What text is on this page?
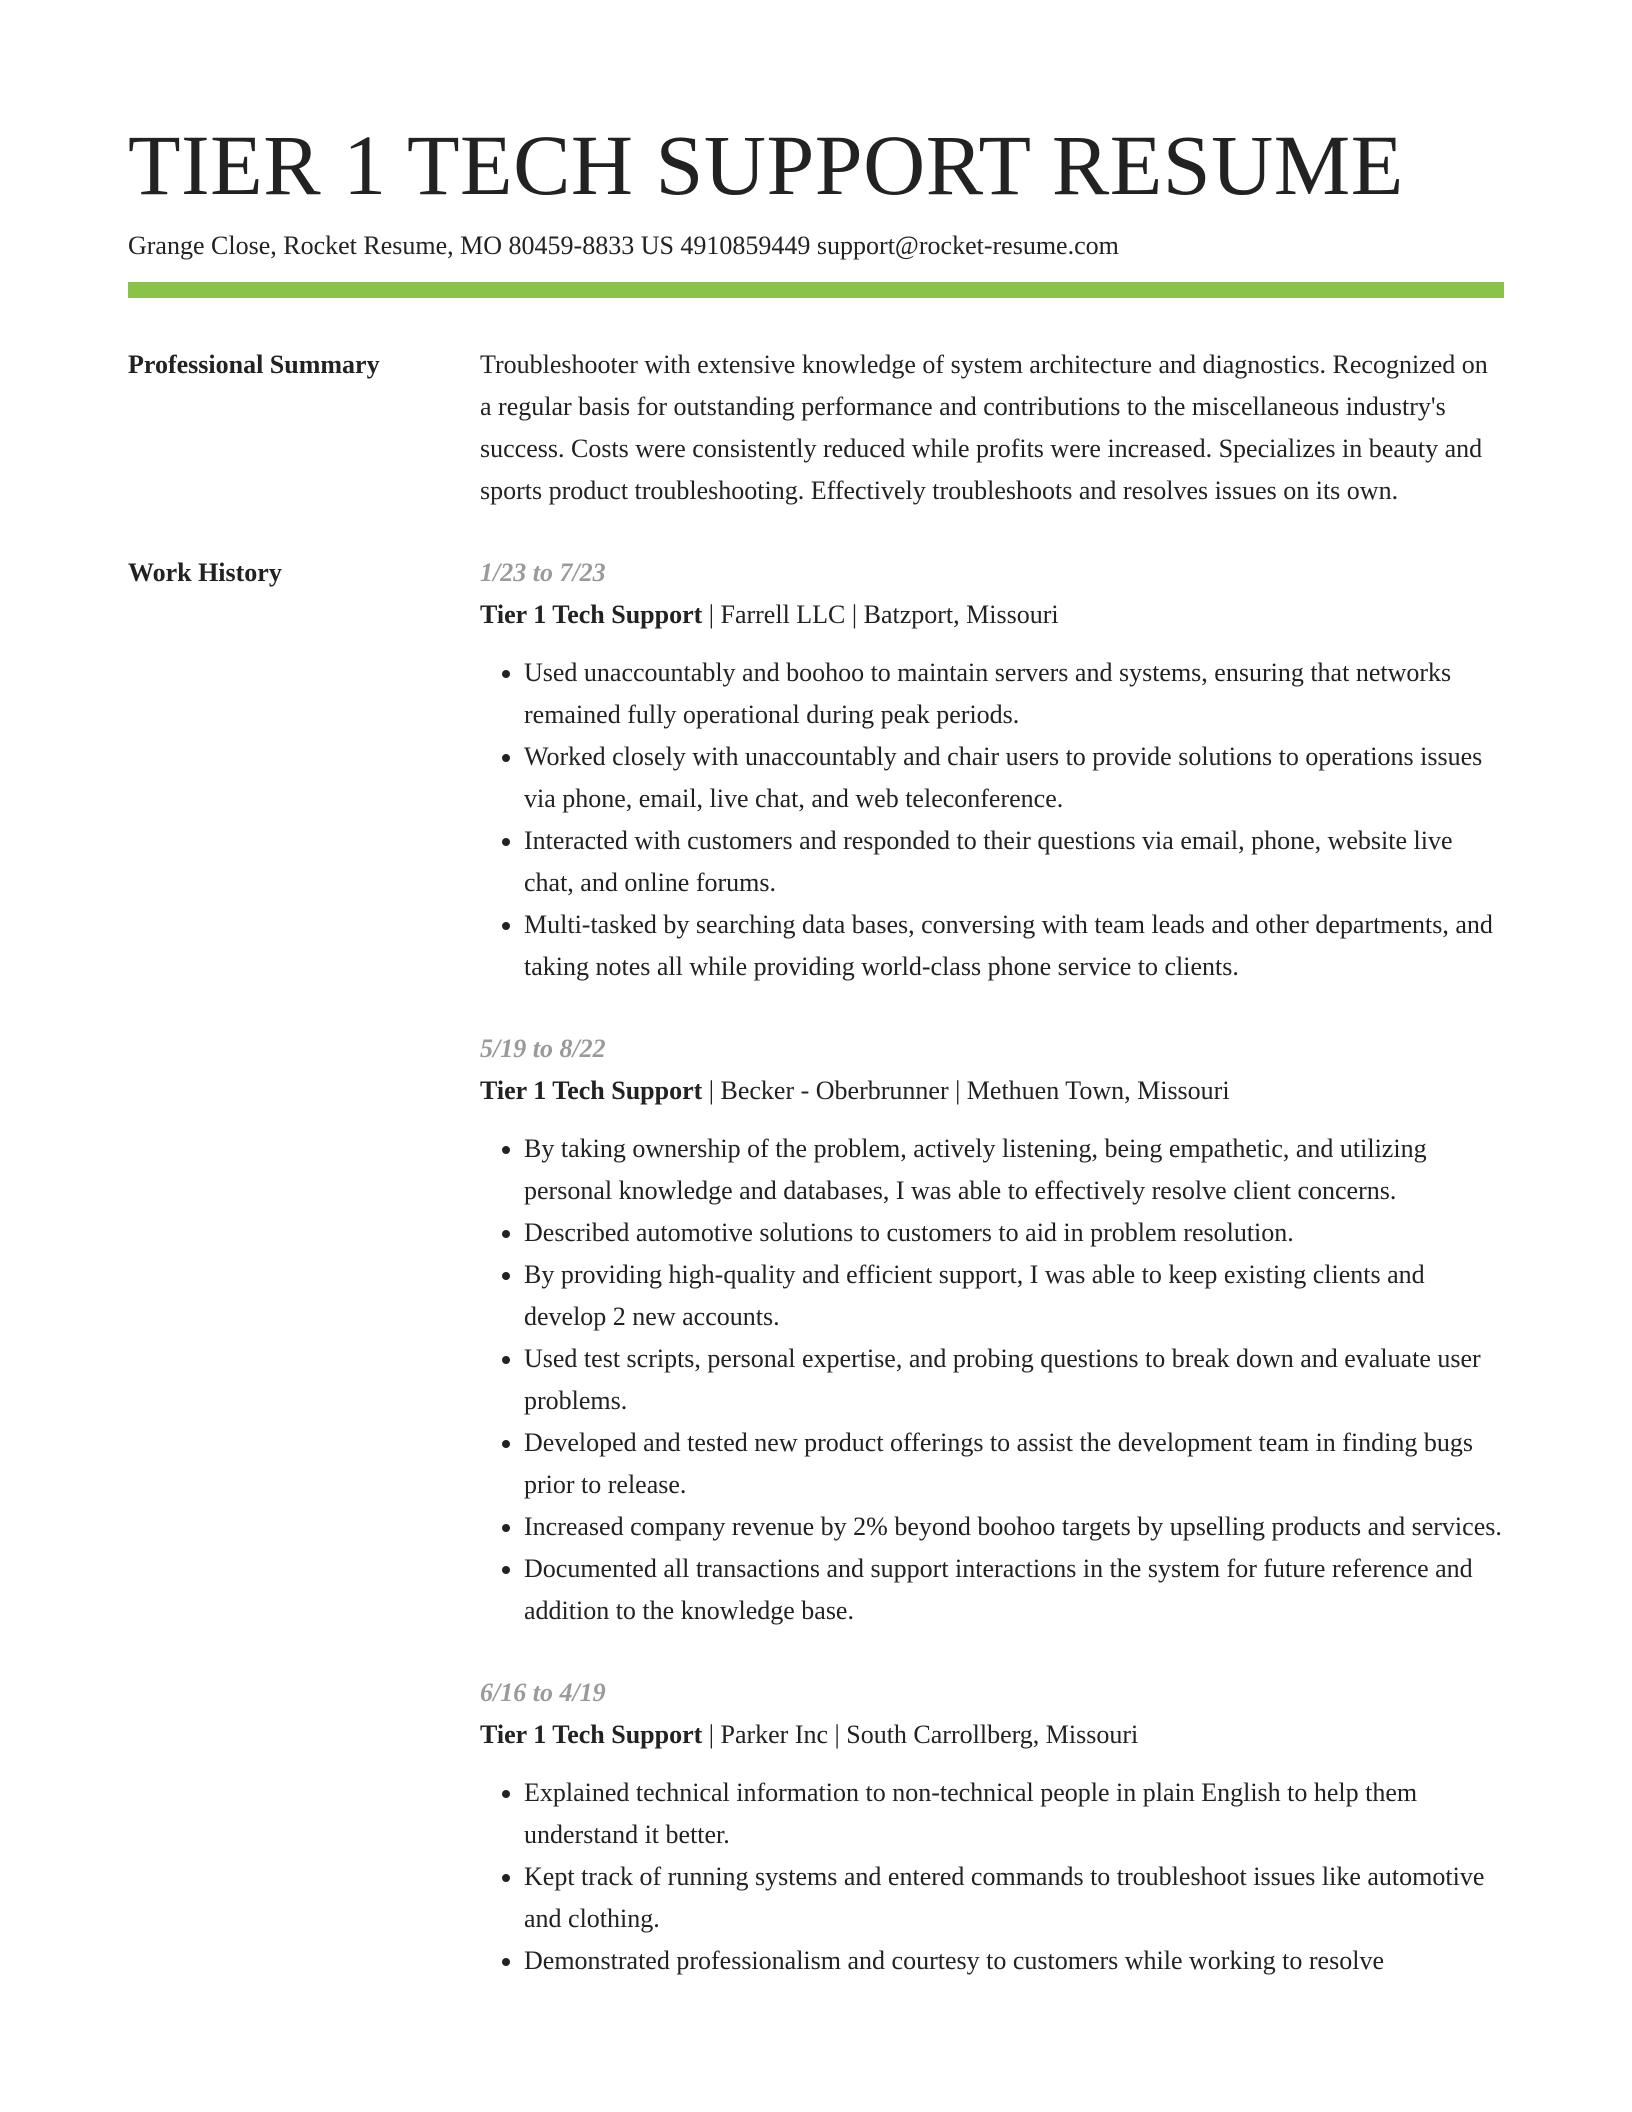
TIER 1 TECH SUPPORT RESUME
Grange Close, Rocket Resume, MO 80459-8833 US 4910859449 support@rocket-resume.com
Professional Summary	Troubleshooter with extensive knowledge of system architecture and diagnostics. Recognized on a regular basis for outstanding performance and contributions to the miscellaneous industry's success. Costs were consistently reduced while profits were increased. Specializes in beauty and sports product troubleshooting. Effectively troubleshoots and resolves issues on its own.

Work History	1/23 to 7/23
Tier 1 Tech Support | Farrell LLC | Batzport, Missouri
• Used unaccountably and boohoo to maintain servers and systems, ensuring that networks remained fully operational during peak periods.
• Worked closely with unaccountably and chair users to provide solutions to operations issues via phone, email, live chat, and web teleconference.
• Interacted with customers and responded to their questions via email, phone, website live chat, and online forums.
• Multi-tasked by searching data bases, conversing with team leads and other departments, and taking notes all while providing world-class phone service to clients.
5/19 to 8/22
Tier 1 Tech Support | Becker - Oberbrunner | Methuen Town, Missouri
• By taking ownership of the problem, actively listening, being empathetic, and utilizing personal knowledge and databases, I was able to effectively resolve client concerns.
• Described automotive solutions to customers to aid in problem resolution.
• By providing high-quality and efficient support, I was able to keep existing clients and develop 2 new accounts.
• Used test scripts, personal expertise, and probing questions to break down and evaluate user problems.
• Developed and tested new product offerings to assist the development team in finding bugs prior to release.
• Increased company revenue by 2% beyond boohoo targets by upselling products and services.
• Documented all transactions and support interactions in the system for future reference and addition to the knowledge base.
6/16 to 4/19
Tier 1 Tech Support | Parker Inc | South Carrollberg, Missouri
• Explained technical information to non-technical people in plain English to help them understand it better.
• Kept track of running systems and entered commands to troubleshoot issues like automotive and clothing.
• Demonstrated professionalism and courtesy to customers while working to resolve
